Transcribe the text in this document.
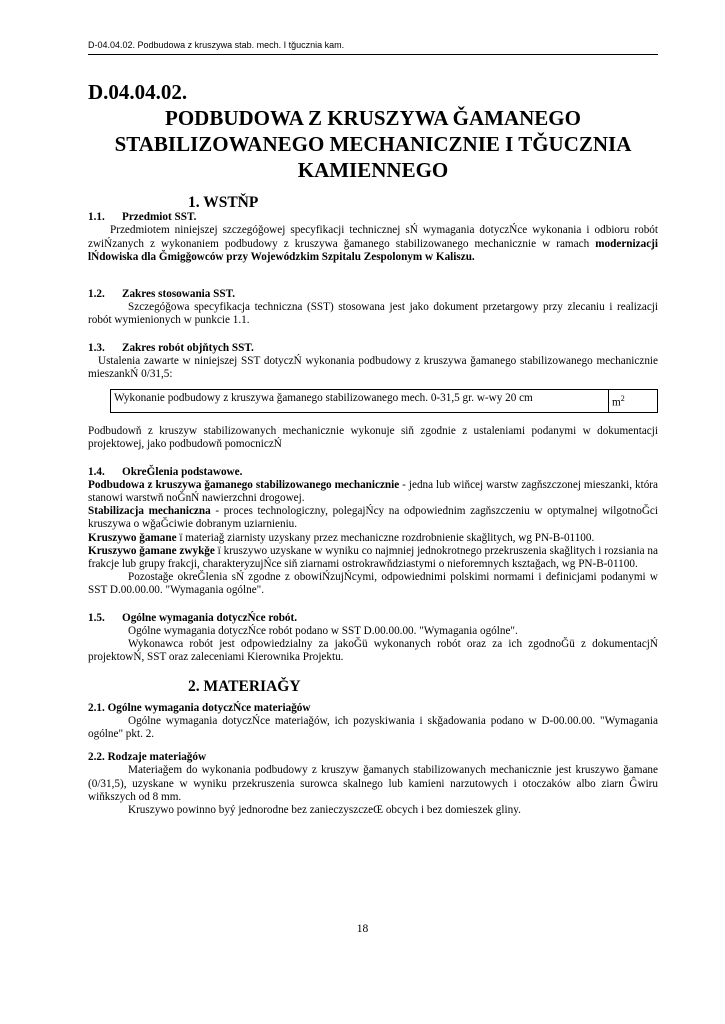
D-04.04.02. Podbudowa z kruszywa stab. mech. I tǧucznia kam.
D.04.04.02.
PODBUDOWA Z KRUSZYWA ǦAMANEGO
STABILIZOWANEGO MECHANICZNIE I TǦUCZNIA
KAMIENNEGO
1. WSTŇP
1.1. Przedmiot SST.

Przedmiotem niniejszej szczegóǧowej specyfikacji technicznej sŃ wymagania dotyczŃce wykonania i odbioru robót zwiŃzanych z wykonaniem podbudowy z kruszywa ǧamanego stabilizowanego mechanicznie w ramach modernizacji lŃdowiska dla Ğmigǧowców przy Wojewódzkim Szpitalu Zespolonym w Kaliszu.

1.2. Zakres stosowania SST.

Szczegóǧowa specyfikacja techniczna (SST) stosowana jest jako dokument przetargowy przy zlecaniu i realizacji robót wymienionych w punkcie 1.1.

1.3. Zakres robót objňtych SST.

Ustalenia zawarte w niniejszej SST dotyczŃ wykonania podbudowy z kruszywa ǧamanego stabilizowanego mechanicznie mieszankŃ 0/31,5:

Wykonanie podbudowy z kruszywa ǧamanego stabilizowanego mech. 0-31,5 gr. w-wy 20 cm	$m^2$

Podbudowň z kruszyw stabilizowanych mechanicznie wykonuje siň zgodnie z ustaleniami podanymi w dokumentacji projektowej, jako podbudowň pomocniczŃ

1.4. OkreĞlenia podstawowe.

Podbudowa z kruszywa ǧamanego stabilizowanego mechanicznie - jedna lub wiňcej warstw zagňszczonej mieszanki, która stanowi warstwň noĞnŃ nawierzchni drogowej.

Stabilizacja mechaniczna - proces technologiczny, polegajŃcy na odpowiednim zagňszczeniu w optymalnej wilgotnoĞci kruszywa o wǧaĞciwie dobranym uziarnieniu.

Kruszywo ǧamane ï materiaǧ ziarnisty uzyskany przez mechaniczne rozdrobnienie skaǧlitych, wg PN-B-01100.

Kruszywo ǧamane zwykǧe ï kruszywo uzyskane w wyniku co najmniej jednokrotnego przekruszenia skaǧlitych i rozsiania na frakcje lub grupy frakcji, charakteryzujŃce siň ziarnami ostrokrawňdziastymi o nieforemnych ksztaǧach, wg PN-B-01100.

Pozostaǧe okreĞlenia sŃ zgodne z obowiŃzujŃcymi, odpowiednimi polskimi normami i definicjami podanymi w SST D.00.00.00. "Wymagania ogólne".

1.5. Ogólne wymagania dotyczŃce robót.

Ogólne wymagania dotyczŃce robót podano w SST D.00.00.00. "Wymagania ogólne".

Wykonawca robót jest odpowiedzialny za jakoĞü wykonanych robót oraz za ich zgodnoĞü z dokumentacjŃ projektowŃ, SST oraz zaleceniami Kierownika Projektu.

2. MATERIAǦY
2.1. Ogólne wymagania dotyczŃce materiaǧów

Ogólne wymagania dotyczŃce materiaǧów, ich pozyskiwania i skǧadowania podano w D-00.00.00. "Wymagania ogólne" pkt. 2.

2.2. Rodzaje materiaǧów

Materiaǧem do wykonania podbudowy z kruszyw ǧamanych stabilizowanych mechanicznie jest kruszywo ǧamane (0/31,5), uzyskane w wyniku przekruszenia surowca skalnego lub kamieni narzutowych i otoczaków albo ziarn Ĝwiru wiňkszych od 8 mm.

Kruszywo powinno byý jednorodne bez zanieczyszczeŒ obcych i bez domieszek gliny.

18
